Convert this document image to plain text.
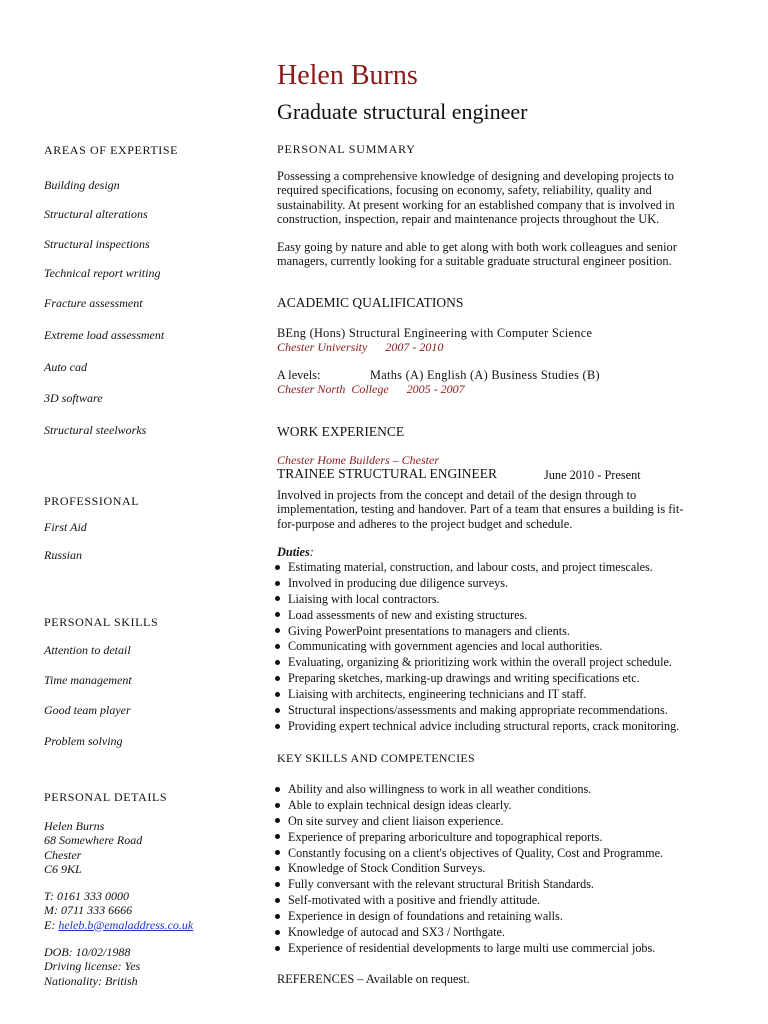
Helen Burns
Graduate structural engineer
AREAS OF EXPERTISE
Building design
Structural alterations
Structural inspections
Technical report writing
Fracture assessment
Extreme load assessment
Auto cad
3D software
Structural steelworks
PROFESSIONAL
First Aid
Russian
PERSONAL SKILLS
Attention to detail
Time management
Good team player
Problem solving
PERSONAL DETAILS
Helen Burns
68 Somewhere Road
Chester
C6 9KL
T: 0161 333 0000
M: 0711 333 6666
E: heleb.b@emaladdress.co.uk
DOB: 10/02/1988
Driving license: Yes
Nationality: British
PERSONAL SUMMARY
Possessing a comprehensive knowledge of designing and developing projects to
required specifications, focusing on economy, safety, reliability, quality and
sustainability. At present working for an established company that is involved in
construction, inspection, repair and maintenance projects throughout the UK.
Easy going by nature and able to get along with both work colleagues and senior
managers, currently looking for a suitable graduate structural engineer position.
ACADEMIC QUALIFICATIONS
BEng (Hons) Structural Engineering with Computer Science
Chester University      2007 - 2010
A levels:	Maths (A) English (A) Business Studies (B)
Chester North  College      2005 - 2007
WORK EXPERIENCE
Chester Home Builders – Chester
TRAINEE STRUCTURAL ENGINEER	June 2010 - Present
Involved in projects from the concept and detail of the design through to
implementation, testing and handover. Part of a team that ensures a building is fit-
for-purpose and adheres to the project budget and schedule.
Duties:
Estimating material, construction, and labour costs, and project timescales.
Involved in producing due diligence surveys.
Liaising with local contractors.
Load assessments of new and existing structures.
Giving PowerPoint presentations to managers and clients.
Communicating with government agencies and local authorities.
Evaluating, organizing & prioritizing work within the overall project schedule.
Preparing sketches, marking-up drawings and writing specifications etc.
Liaising with architects, engineering technicians and IT staff.
Structural inspections/assessments and making appropriate recommendations.
Providing expert technical advice including structural reports, crack monitoring.
KEY SKILLS AND COMPETENCIES
Ability and also willingness to work in all weather conditions.
Able to explain technical design ideas clearly.
On site survey and client liaison experience.
Experience of preparing arboriculture and topographical reports.
Constantly focusing on a client's objectives of Quality, Cost and Programme.
Knowledge of Stock Condition Surveys.
Fully conversant with the relevant structural British Standards.
Self-motivated with a positive and friendly attitude.
Experience in design of foundations and retaining walls.
Knowledge of autocad and SX3 / Northgate.
Experience of residential developments to large multi use commercial jobs.
REFERENCES – Available on request.
